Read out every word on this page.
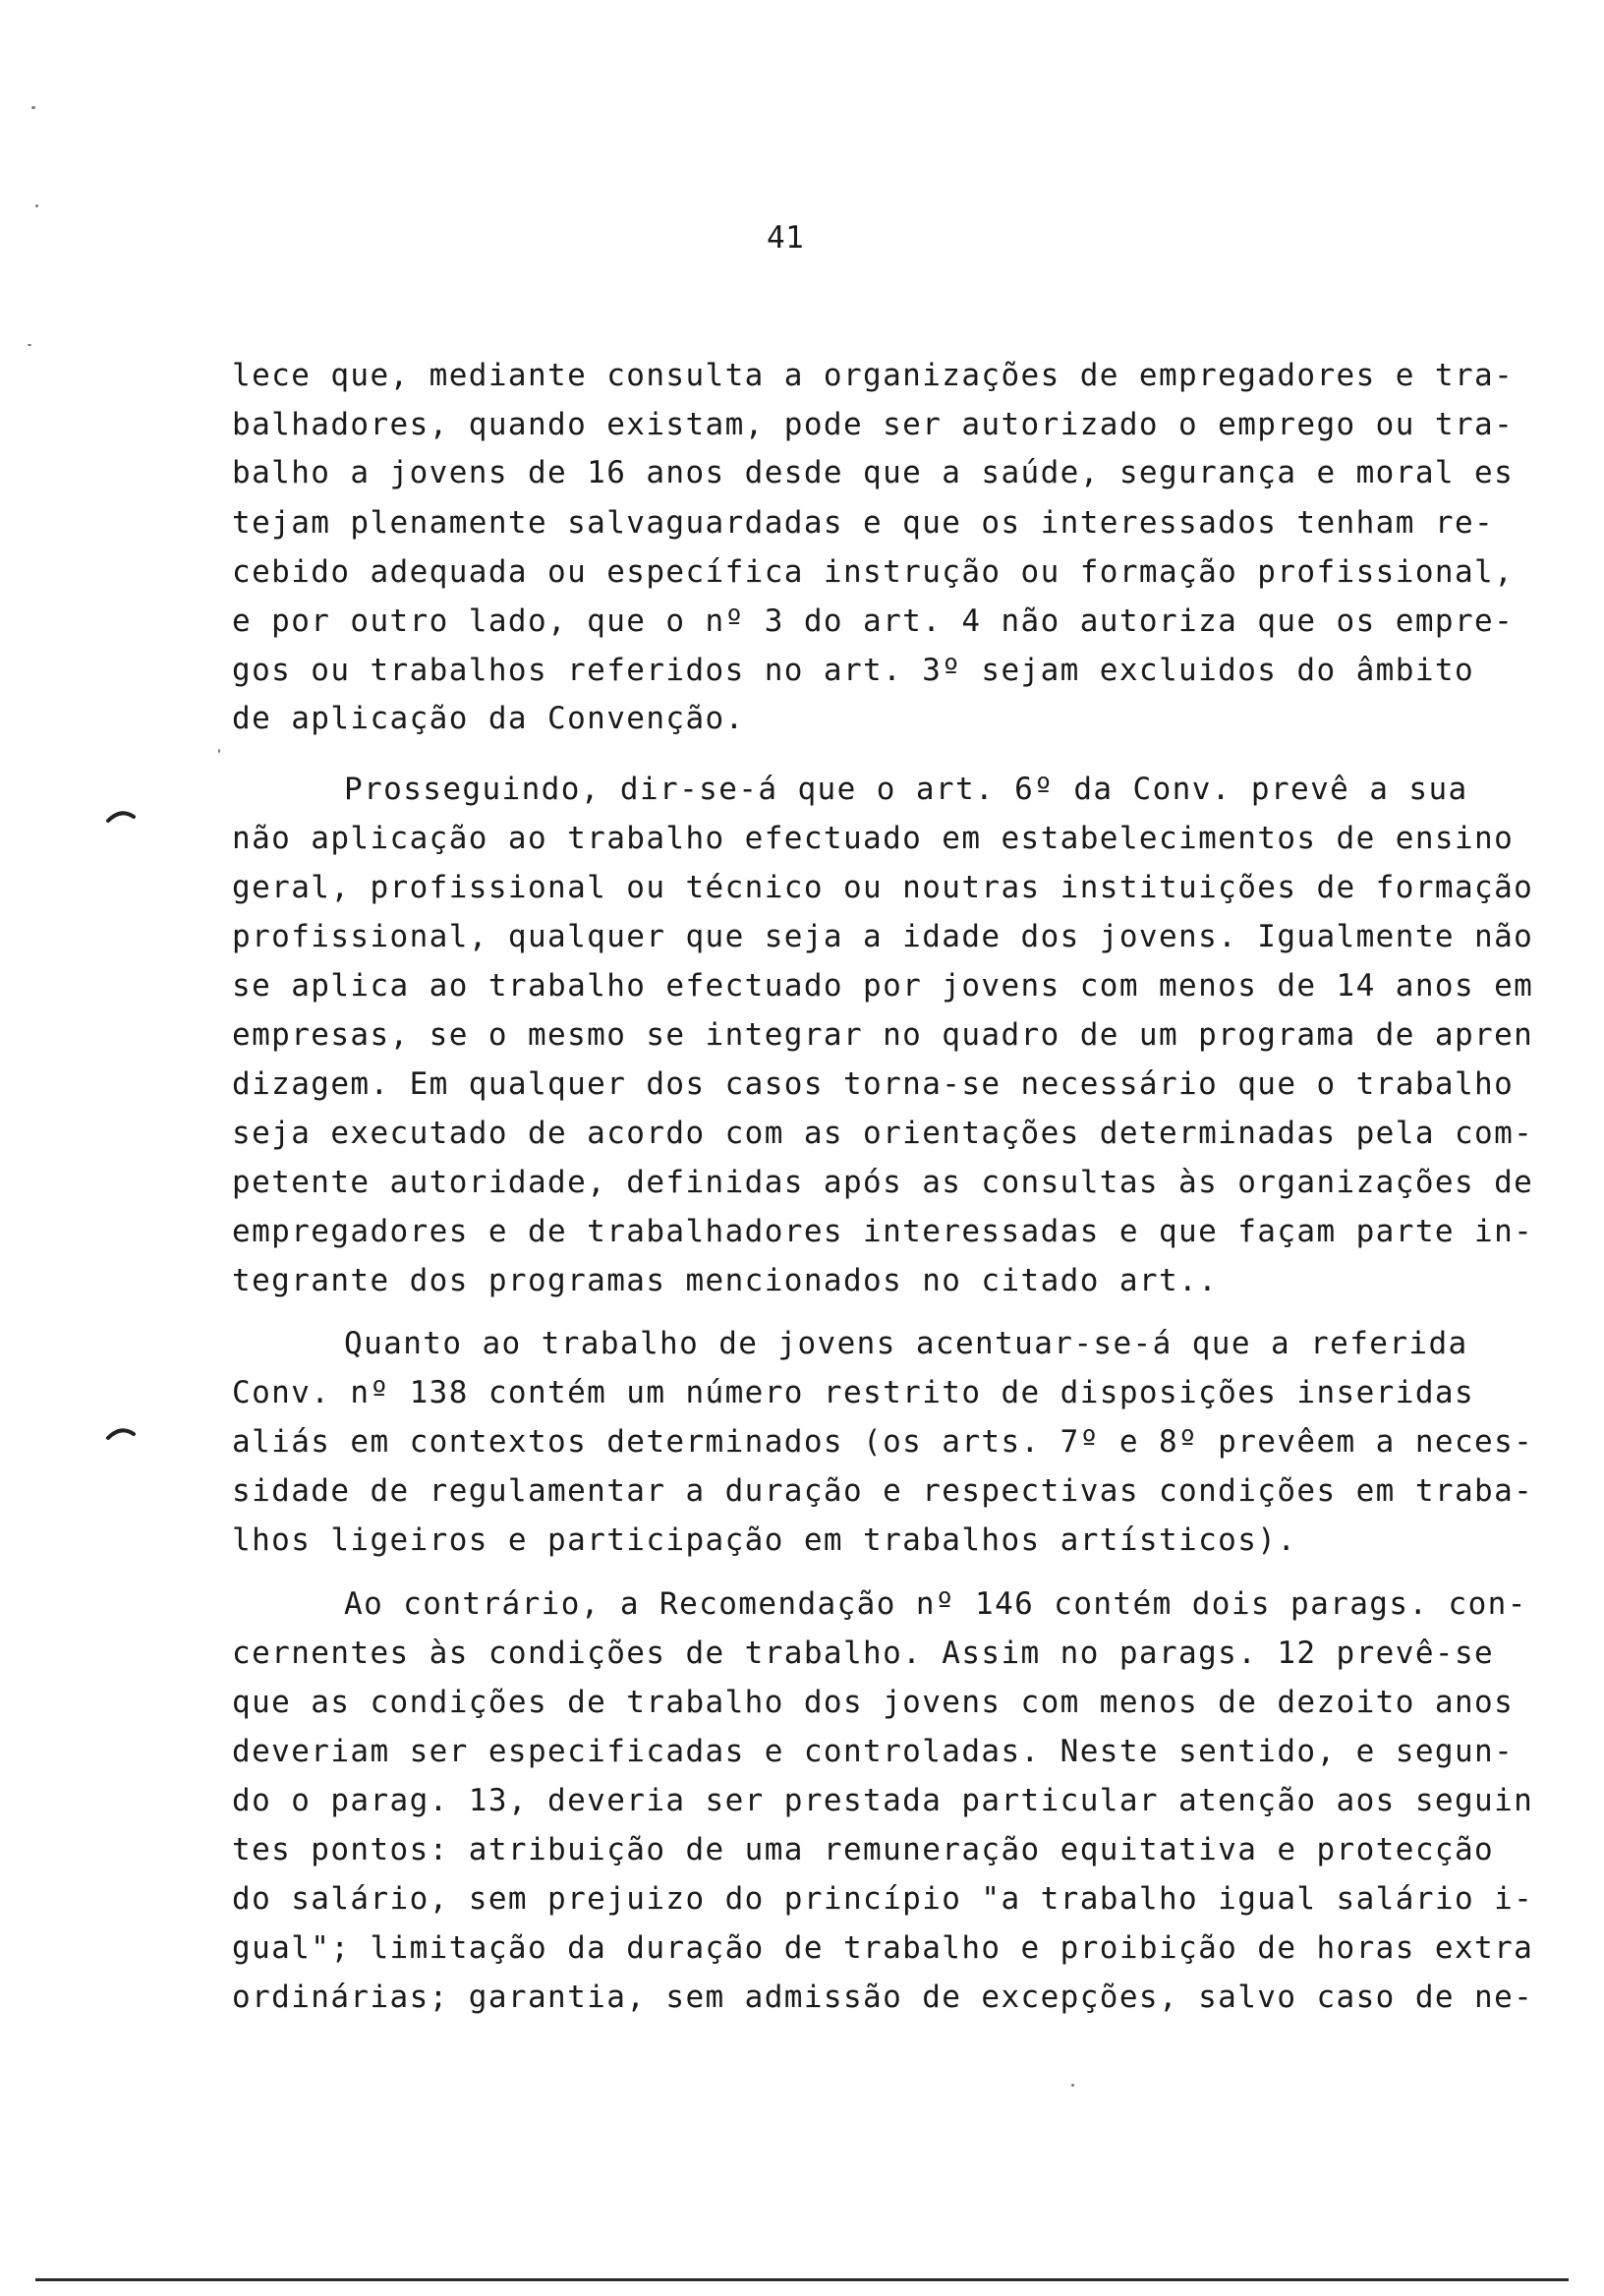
41
lece que, mediante consulta a organizações de empregadores e tra-
balhadores, quando existam, pode ser autorizado o emprego ou tra-
balho a jovens de 16 anos desde que a saúde, segurança e moral es
tejam plenamente salvaguardadas e que os interessados tenham re-
cebido adequada ou específica instrução ou formação profissional,
e por outro lado, que o nº 3 do art. 4 não autoriza que os empre-
gos ou trabalhos referidos no art. 3º sejam excluidos do âmbito
de aplicação da Convenção.
Prosseguindo, dir-se-á que o art. 6º da Conv. prevê a sua
não aplicação ao trabalho efectuado em estabelecimentos de ensino
geral, profissional ou técnico ou noutras instituições de formação
profissional, qualquer que seja a idade dos jovens. Igualmente não
se aplica ao trabalho efectuado por jovens com menos de 14 anos em
empresas, se o mesmo se integrar no quadro de um programa de apren
dizagem. Em qualquer dos casos torna-se necessário que o trabalho
seja executado de acordo com as orientações determinadas pela com-
petente autoridade, definidas após as consultas às organizações de
empregadores e de trabalhadores interessadas e que façam parte in-
tegrante dos programas mencionados no citado art..
Quanto ao trabalho de jovens acentuar-se-á que a referida
Conv. nº 138 contém um número restrito de disposições inseridas
aliás em contextos determinados (os arts. 7º e 8º prevêem a neces-
sidade de regulamentar a duração e respectivas condições em traba-
lhos ligeiros e participação em trabalhos artísticos).
Ao contrário, a Recomendação nº 146 contém dois parags. con-
cernentes às condições de trabalho. Assim no parags. 12 prevê-se
que as condições de trabalho dos jovens com menos de dezoito anos
deveriam ser especificadas e controladas. Neste sentido, e segun-
do o parag. 13, deveria ser prestada particular atenção aos seguin
tes pontos: atribuição de uma remuneração equitativa e protecção
do salário, sem prejuizo do princípio "a trabalho igual salário i-
gual"; limitação da duração de trabalho e proibição de horas extra
ordinárias; garantia, sem admissão de excepções, salvo caso de ne-
